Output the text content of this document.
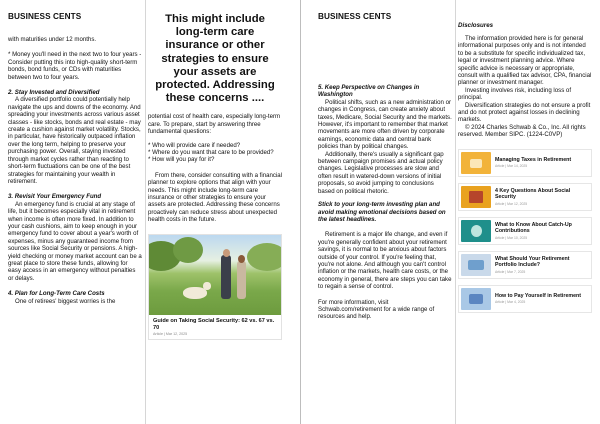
BUSINESS CENTS

with maturities under 12 months.

* Money you'll need in the next two to four years - Consider putting this into high-quality short-term bonds, bond funds, or CDs with maturities between two to four years.

2. Stay Invested and Diversified

A diversified portfolio could potentially help navigate the ups and downs of the economy. And spreading your investments across various asset classes - like stocks, bonds and real estate - may create a cushion against market volatility. Stocks, in particular, have historically outpaced inflation over the long term, helping to preserve your purchasing power. Overall, staying invested through market cycles rather than reacting to short-term fluctuations can be one of the best strategies for maintaining your wealth in retirement.

3. Revisit Your Emergency Fund

An emergency fund is crucial at any stage of life, but it becomes especially vital in retirement when income is often more fixed. In addition to your cash cushions, aim to keep enough in your emergency fund to cover about a year's worth of expenses, minus any guaranteed income from sources like Social Security or pensions. A high-yield checking or money market account can be a great place to store these funds, allowing for easy access in an emergency without penalties or delays.

4. Plan for Long-Term Care Costs

One of retirees' biggest worries is the

This might include long-term care insurance or other strategies to ensure your assets are protected. Addressing these concerns ....

potential cost of health care, especially long-term care. To prepare, start by answering three fundamental questions:

* Who will provide care if needed?
* Where do you want that care to be provided?
* How will you pay for it?

From there, consider consulting with a financial planner to explore options that align with your needs. This might include long-term care insurance or other strategies to ensure your assets are protected. Addressing these concerns proactively can reduce stress about unexpected health costs in the future.

Guide on Taking Social Security: 62 vs. 67 vs. 70
Article | Mar 12, 2025
BUSINESS CENTS
5. Keep Perspective on Changes in Washington

Political shifts, such as a new administration or changes in Congress, can create anxiety about taxes, Medicare, Social Security and the markets. However, it's important to remember that market movements are more often driven by corporate earnings, economic data and central bank policies than by political changes.

Additionally, there's usually a significant gap between campaign promises and actual policy changes. Legislative processes are slow and often result in watered-down versions of initial proposals, so avoid jumping to conclusions based on political rhetoric.

Stick to your long-term investing plan and avoid making emotional decisions based on the latest headlines.

Retirement is a major life change, and even if you're generally confident about your retirement savings, it is normal to be anxious about factors outside of your control. If you're feeling that, you're not alone. And although you can't control inflation or the markets, health care costs, or the economy in general, there are steps you can take to regain a sense of control.

For more information, visit Schwab.com/retirement for a wide range of resources and help.

Disclosures

The information provided here is for general informational purposes only and is not intended to be a substitute for specific individualized tax, legal or investment planning advice. Where specific advice is necessary or appropriate, consult with a qualified tax advisor, CPA, financial planner or investment manager.

Investing involves risk, including loss of principal.

Diversification strategies do not ensure a profit and do not protect against losses in declining markets.

© 2024 Charles Schwab & Co., Inc. All rights reserved. Member SIPC. (1224-C0VP)

Managing Taxes in Retirement
Article | Mar 14, 2025
4 Key Questions About Social Security
Article | Mar 12, 2025
What to Know About Catch-Up Contributions
Article | Mar 10, 2025
What Should Your Retirement Portfolio Include?
Article | Mar 7, 2025
How to Pay Yourself in Retirement
Article | Mar 4, 2025
